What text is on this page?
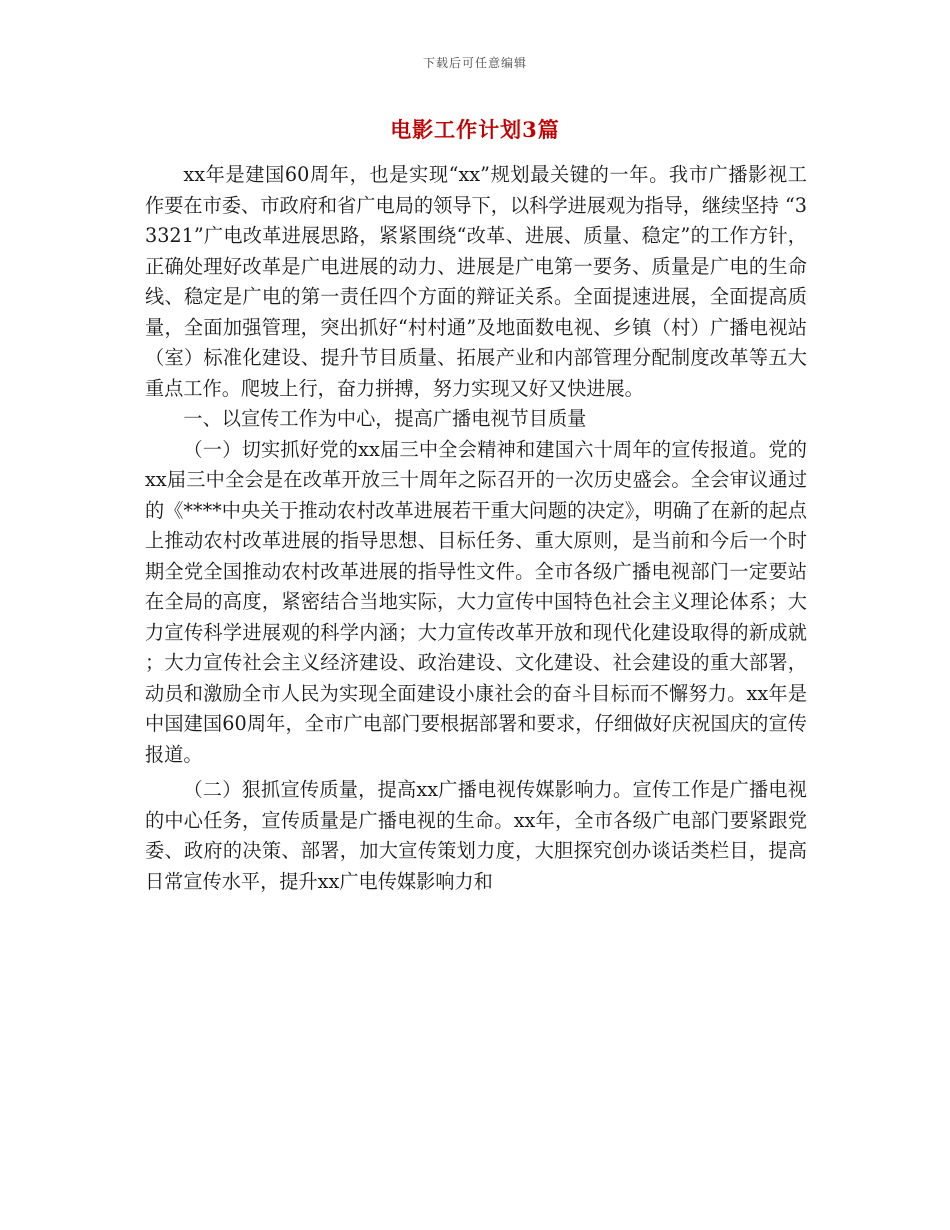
下载后可任意编辑
电影工作计划3篇

xx年是建国60周年，也是实现“xx”规划最关键的一年。我市广播影视工作要在市委、市政府和省广电局的领导下，以科学进展观为指导，继续坚持 “33321”广电改革进展思路，紧紧围绕“改革、进展、质量、稳定”的工作方针，正确处理好改革是广电进展的动力、进展是广电第一要务、质量是广电的生命线、稳定是广电的第一责任四个方面的辩证关系。全面提速进展，全面提高质量，全面加强管理，突出抓好“村村通”及地面数电视、乡镇（村）广播电视站（室）标准化建设、提升节目质量、拓展产业和内部管理分配制度改革等五大重点工作。爬坡上行，奋力拼搏，努力实现又好又快进展。

一、以宣传工作为中心，提高广播电视节目质量

（一）切实抓好党的xx届三中全会精神和建国六十周年的宣传报道。党的xx届三中全会是在改革开放三十周年之际召开的一次历史盛会。全会审议通过的《****中央关于推动农村改革进展若干重大问题的决定》，明确了在新的起点上推动农村改革进展的指导思想、目标任务、重大原则，是当前和今后一个时期全党全国推动农村改革进展的指导性文件。全市各级广播电视部门一定要站在全局的高度，紧密结合当地实际，大力宣传中国特色社会主义理论体系；大力宣传科学进展观的科学内涵；大力宣传改革开放和现代化建设取得的新成就；大力宣传社会主义经济建设、政治建设、文化建设、社会建设的重大部署，动员和激励全市人民为实现全面建设小康社会的奋斗目标而不懈努力。xx年是中国建国60周年，全市广电部门要根据部署和要求，仔细做好庆祝国庆的宣传报道。

（二）狠抓宣传质量，提高xx广播电视传媒影响力。宣传工作是广播电视的中心任务，宣传质量是广播电视的生命。xx年，全市各级广电部门要紧跟党委、政府的决策、部署，加大宣传策划力度，大胆探究创办谈话类栏目，提高日常宣传水平，提升xx广电传媒影响力和
